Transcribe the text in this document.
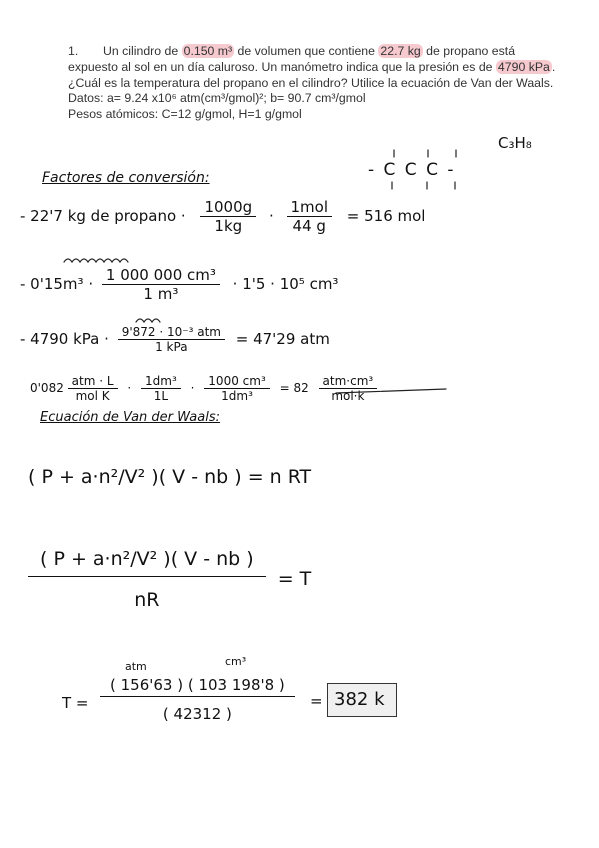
1. Un cilindro de 0.150 m³ de volumen que contiene 22.7 kg de propano está expuesto al sol en un día caluroso. Un manómetro indica que la presión es de 4790 kPa . ¿Cuál es la temperatura del propano en el cilindro? Utilice la ecuación de Van der Waals.

Datos: a= 9.24 x10⁶ atm(cm³/gmol)²; b= 90.7 cm³/gmol

Pesos atómicos: C=12 g/gmol, H=1 g/gmol

C₃H₈
- C C C -
Factores de conversión:
- 22'7 kg de propano · $\frac{1000g}{1kg} \cdot \frac{\text{1mol}}{44 g} = 516$ mol
- $0'15m^3 \cdot \frac{\text{1 000 000 cm³}}{\text{1 m³}} \cdot 1'5 \cdot 10^5$ cm³
- 4790 kPa · $\frac{\text{9'872 · 10⁻³ atm}}{\text{1 kPa}} = 47'29$ atm
$0'082 \frac{\text{atm · L}}{\text{mol K}} \cdot \frac{\text{1dm³}}{1L} \cdot \frac{\text{1000 cm³}}{\text{1dm³}} = 82 \frac{\text{atm·cm³}}{\text{mol·k}}$
Ecuación de Van der Waals:
( P + a·n²/V² )( V - nb ) = n RT
$\frac{\text{( P + a·n²/V² )( V - nb )}}{nR} = T$
atm	cm³
$T = \frac{( 156'63 ) ( 103 198'8 )}{( 42312 )} = 382$ k
